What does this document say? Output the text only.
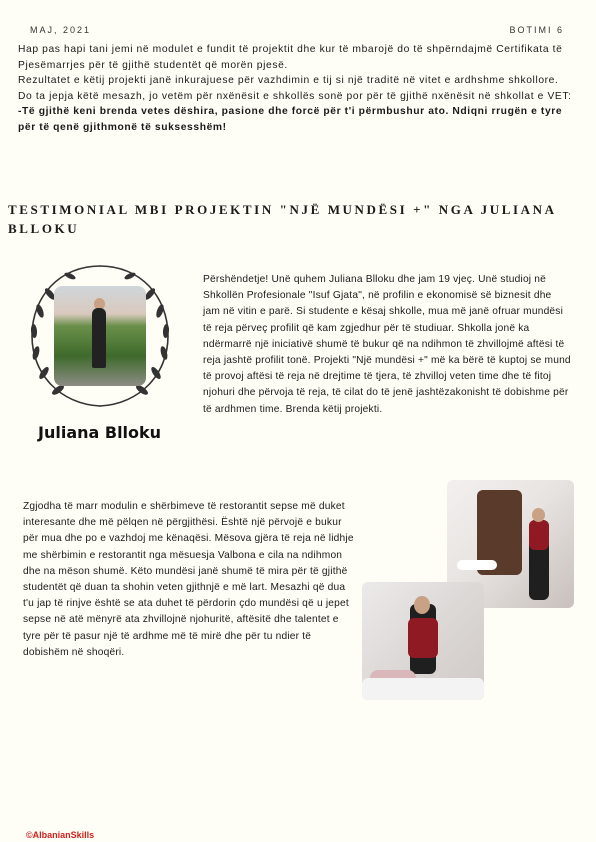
MAJ, 2021	BOTIMI 6

Hap pas hapi tani jemi në modulet e fundit të projektit dhe kur të mbarojë do të shpërndajmë Certifikata të Pjesëmarrjes për të gjithë studentët që morën pjesë.

Rezultatet e këtij projekti janë inkurajuese për vazhdimin e tij si një traditë në vitet e ardhshme shkollore.

Do ta jepja këtë mesazh, jo vetëm për nxënësit e shkollës sonë por për të gjithë nxënësit në shkollat e VET:

-Të gjithë keni brenda vetes dëshira, pasione dhe forcë për t'i përmbushur ato. Ndiqni rrugën e tyre për të qenë gjithmonë të suksesshëm!

TESTIMONIAL MBI PROJEKTIN "NJË MUNDËSI +" NGA JULIANA BLLOKU
Juliana Blloku

Përshëndetje! Unë quhem Juliana Blloku dhe jam 19 vjeç. Unë studioj në Shkollën Profesionale "Isuf Gjata", në profilin e ekonomisë së biznesit dhe jam në vitin e parë. Si studente e kësaj shkolle, mua më janë ofruar mundësi të reja përveç profilit që kam zgjedhur për të studiuar. Shkolla jonë ka ndërmarrë një iniciativë shumë të bukur që na ndihmon të zhvillojmë aftësi të reja jashtë profilit tonë. Projekti "Një mundësi +" më ka bërë të kuptoj se mund të provoj aftësi të reja në drejtime të tjera, të zhvilloj veten time dhe të fitoj njohuri dhe përvoja të reja, të cilat do të jenë jashtëzakonisht të dobishme për të ardhmen time. Brenda këtij projekti.

Zgjodha të marr modulin e shërbimeve të restorantit sepse më duket interesante dhe më pëlqen në përgjithësi. Është një përvojë e bukur për mua dhe po e vazhdoj me kënaqësi. Mësova gjëra të reja në lidhje me shërbimin e restorantit nga mësuesja Valbona e cila na ndihmon dhe na mëson shumë. Këto mundësi janë shumë të mira për të gjithë studentët që duan ta shohin veten gjithnjë e më lart. Mesazhi që dua t'u jap të rinjve është se ata duhet të përdorin çdo mundësi që u jepet sepse në atë mënyrë ata zhvillojnë njohuritë, aftësitë dhe talentet e tyre për të pasur një të ardhme më të mirë dhe për tu ndier të dobishëm në shoqëri.

©AlbanianSkills
